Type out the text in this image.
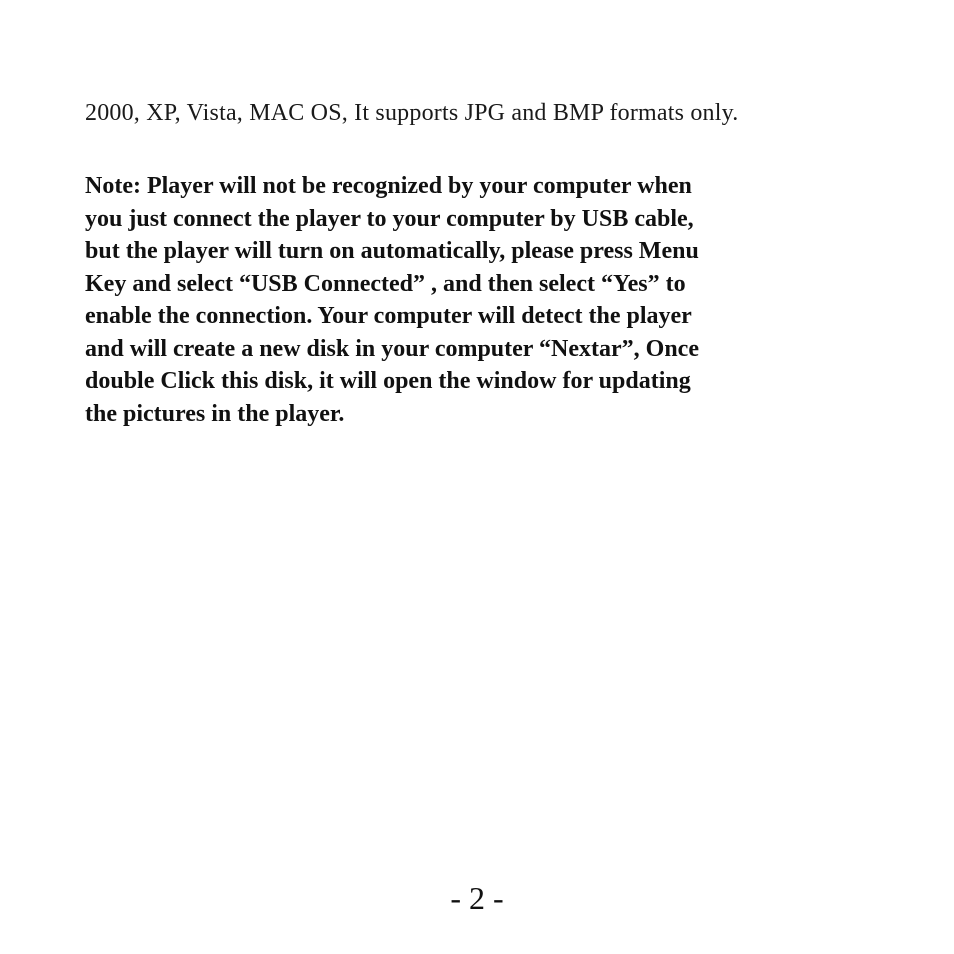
2000, XP, Vista, MAC OS, It supports JPG and BMP formats only.
Note: Player will not be recognized by your computer when
you just connect the player to your computer by USB cable,
but the player will turn on automatically, please press Menu
Key and select “USB Connected” , and then select “Yes” to
enable the connection. Your computer will detect the player
and will create a new disk in your computer “Nextar”, Once
double Click this disk, it will open the window for updating
the pictures in the player.
- 2 -
